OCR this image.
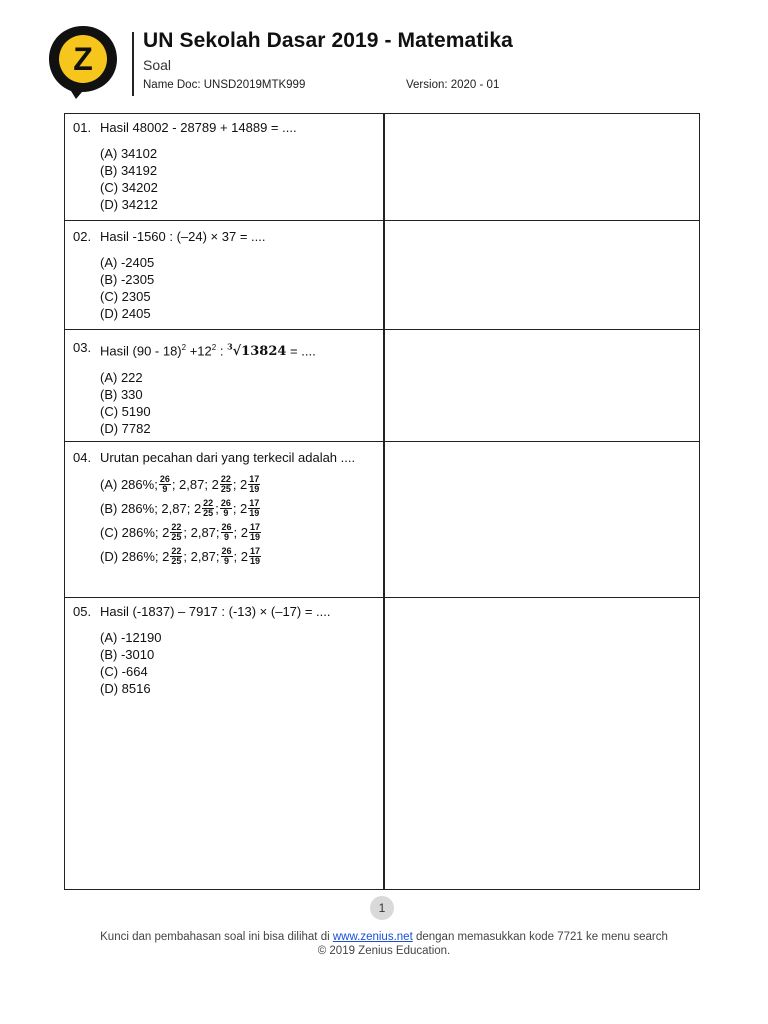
Z
UN Sekolah Dasar 2019 - Matematika
Soal
Name Doc: UNSD2019MTK999	Version: 2020 - 01
01. Hasil 48002 - 28789 + 14889 = ....
(A) 34102
(B) 34192
(C) 34202
(D) 34212
02. Hasil -1560 : (–24) × 37 = ....
(A) -2405
(B) -2305
(C) 2305
(D) 2405
03. Hasil $(90 - 18)^2 +12^2$ : $^3$√13824 = ....
(A) 222
(B) 330
(C) 5190
(D) 7782
04. Urutan pecahan dari yang terkecil adalah ....
(A) 286%; 26
9 ; 2,87; 2 22
25 ; 2 17
19
(B) 286%; 2,87; 2 22
25 ; 26
9 ; 2 17
19
(C) 286%; 2 22
25 ; 2,87; 26
9 ; 2 17
19
(D) 286%; 2 22
25 ; 2,87; 26
9 ; 2 17
19
05. Hasil (-1837) – 7917 : (-13) × (–17) = ....
(A) -12190
(B) -3010
(C) -664
(D) 8516
1
Kunci dan pembahasan soal ini bisa dilihat di www.zenius.net dengan memasukkan kode 7721 ke menu search
© 2019 Zenius Education.
